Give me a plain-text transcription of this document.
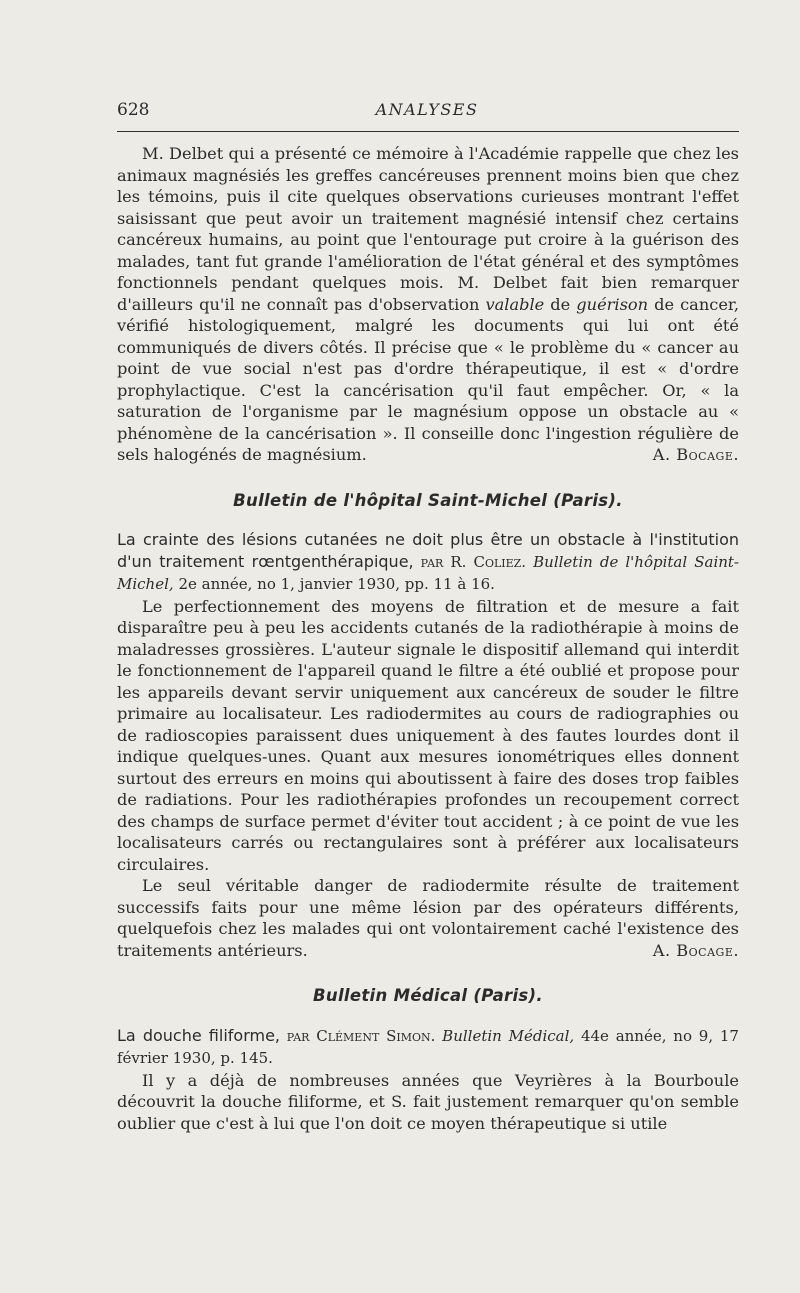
628	ANALYSES

M. Delbet qui a présenté ce mémoire à l'Académie rappelle que chez les animaux magnésiés les greffes cancéreuses prennent moins bien que chez les témoins, puis il cite quelques observations curieuses montrant l'effet saisissant que peut avoir un traitement magnésié intensif chez certains cancéreux humains, au point que l'entourage put croire à la guérison des malades, tant fut grande l'amélioration de l'état général et des symptômes fonctionnels pendant quelques mois. M. Delbet fait bien remarquer d'ailleurs qu'il ne connaît pas d'observation valable de guérison de cancer, vérifié histologiquement, malgré les documents qui lui ont été communiqués de divers côtés. Il précise que « le problème du « cancer au point de vue social n'est pas d'ordre thérapeutique, il est « d'ordre prophylactique. C'est la cancérisation qu'il faut empêcher. Or, « la saturation de l'organisme par le magnésium oppose un obstacle au « phénomène de la cancérisation ». Il conseille donc l'ingestion régulière de sels halogénés de magnésium.	A. Bocage.

Bulletin de l'hôpital Saint-Michel (Paris).

La crainte des lésions cutanées ne doit plus être un obstacle à l'institution d'un traitement rœntgenthérapique, par R. Coliez. Bulletin de l'hôpital Saint-Michel, 2e année, no 1, janvier 1930, pp. 11 à 16.

Le perfectionnement des moyens de filtration et de mesure a fait disparaître peu à peu les accidents cutanés de la radiothérapie à moins de maladresses grossières. L'auteur signale le dispositif allemand qui interdit le fonctionnement de l'appareil quand le filtre a été oublié et propose pour les appareils devant servir uniquement aux cancéreux de souder le filtre primaire au localisateur. Les radiodermites au cours de radiographies ou de radioscopies paraissent dues uniquement à des fautes lourdes dont il indique quelques-unes. Quant aux mesures ionométriques elles donnent surtout des erreurs en moins qui aboutissent à faire des doses trop faibles de radiations. Pour les radiothérapies profondes un recoupement correct des champs de surface permet d'éviter tout accident ; à ce point de vue les localisateurs carrés ou rectangulaires sont à préférer aux localisateurs circulaires.

Le seul véritable danger de radiodermite résulte de traitement successifs faits pour une même lésion par des opérateurs différents, quelquefois chez les malades qui ont volontairement caché l'existence des traitements antérieurs.	A. Bocage.

Bulletin Médical (Paris).

La douche filiforme, par Clément Simon. Bulletin Médical, 44e année, no 9, 17 février 1930, p. 145.

Il y a déjà de nombreuses années que Veyrières à la Bourboule découvrit la douche filiforme, et S. fait justement remarquer qu'on semble oublier que c'est à lui que l'on doit ce moyen thérapeutique si utile
